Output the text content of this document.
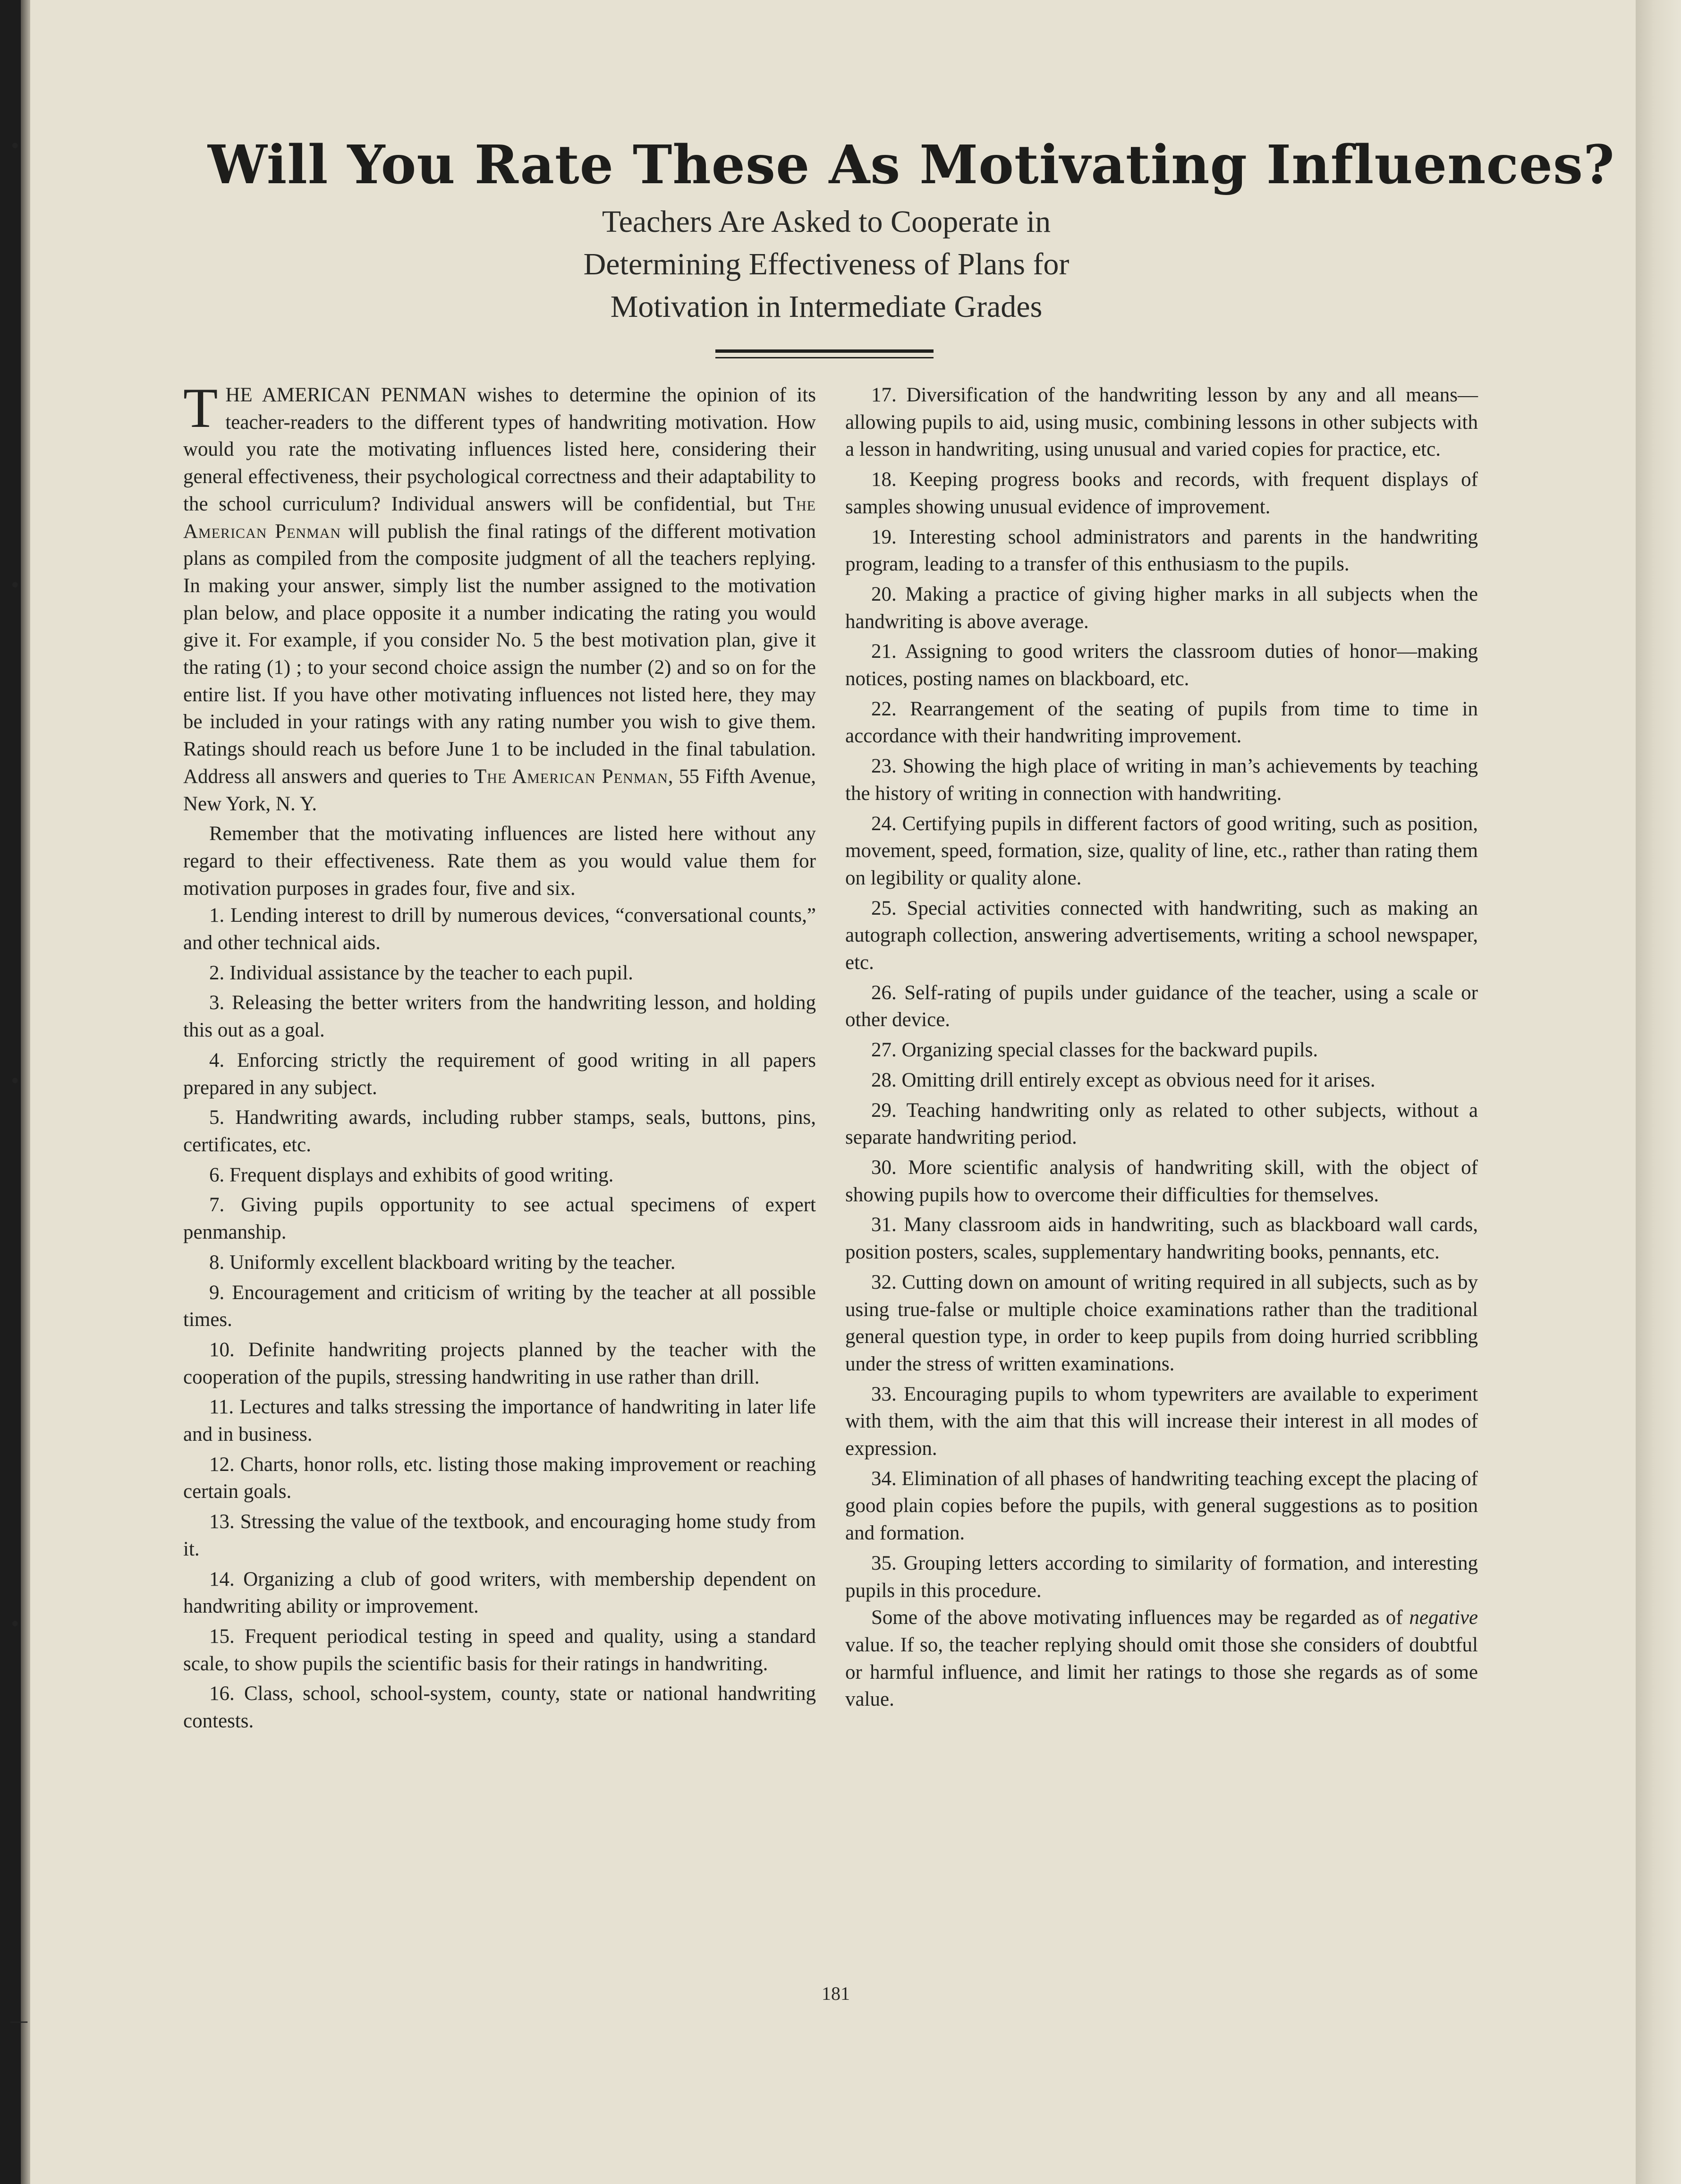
•
•
•
•
—
Will You Rate These As Motivating Influences?
Teachers Are Asked to Cooperate in
Determining Effectiveness of Plans for
Motivation in Intermediate Grades

THE AMERICAN PENMAN wishes to determine the opinion of its teacher-readers to the different types of handwriting motivation. How would you rate the motivating influences listed here, considering their general effectiveness, their psychological correctness and their adaptability to the school curriculum? Individual answers will be confidential, but The American Penman will publish the final ratings of the different motivation plans as compiled from the composite judgment of all the teachers replying. In making your answer, simply list the number assigned to the motivation plan below, and place opposite it a number indicating the rating you would give it. For example, if you consider No. 5 the best motivation plan, give it the rating (1) ; to your second choice assign the number (2) and so on for the entire list. If you have other motivating influences not listed here, they may be included in your ratings with any rating number you wish to give them. Ratings should reach us before June 1 to be included in the final tabulation. Address all answers and queries to The American Penman, 55 Fifth Avenue, New York, N. Y.

Remember that the motivating influences are listed here without any regard to their effectiveness. Rate them as you would value them for motivation purposes in grades four, five and six.

1. Lending interest to drill by numerous devices, “conversational counts,” and other technical aids.

2. Individual assistance by the teacher to each pupil.

3. Releasing the better writers from the handwriting lesson, and holding this out as a goal.

4. Enforcing strictly the requirement of good writing in all papers prepared in any subject.

5. Handwriting awards, including rubber stamps, seals, buttons, pins, certificates, etc.

6. Frequent displays and exhibits of good writing.

7. Giving pupils opportunity to see actual specimens of expert penmanship.

8. Uniformly excellent blackboard writing by the teacher.

9. Encouragement and criticism of writing by the teacher at all possible times.

10. Definite handwriting projects planned by the teacher with the cooperation of the pupils, stressing handwriting in use rather than drill.

11. Lectures and talks stressing the importance of handwriting in later life and in business.

12. Charts, honor rolls, etc. listing those making improvement or reaching certain goals.

13. Stressing the value of the textbook, and encouraging home study from it.

14. Organizing a club of good writers, with membership dependent on handwriting ability or improvement.

15. Frequent periodical testing in speed and quality, using a standard scale, to show pupils the scientific basis for their ratings in handwriting.

16. Class, school, school-system, county, state or national handwriting contests.

17. Diversification of the handwriting lesson by any and all means—allowing pupils to aid, using music, combining lessons in other subjects with a lesson in handwriting, using unusual and varied copies for practice, etc.

18. Keeping progress books and records, with frequent displays of samples showing unusual evidence of improvement.

19. Interesting school administrators and parents in the handwriting program, leading to a transfer of this enthusiasm to the pupils.

20. Making a practice of giving higher marks in all subjects when the handwriting is above average.

21. Assigning to good writers the classroom duties of honor—making notices, posting names on blackboard, etc.

22. Rearrangement of the seating of pupils from time to time in accordance with their handwriting improvement.

23. Showing the high place of writing in man’s achievements by teaching the history of writing in connection with handwriting.

24. Certifying pupils in different factors of good writing, such as position, movement, speed, formation, size, quality of line, etc., rather than rating them on legibility or quality alone.

25. Special activities connected with handwriting, such as making an autograph collection, answering advertisements, writing a school newspaper, etc.

26. Self-rating of pupils under guidance of the teacher, using a scale or other device.

27. Organizing special classes for the backward pupils.

28. Omitting drill entirely except as obvious need for it arises.

29. Teaching handwriting only as related to other subjects, without a separate handwriting period.

30. More scientific analysis of handwriting skill, with the object of showing pupils how to overcome their difficulties for themselves.

31. Many classroom aids in handwriting, such as blackboard wall cards, position posters, scales, supplementary handwriting books, pennants, etc.

32. Cutting down on amount of writing required in all subjects, such as by using true-false or multiple choice examinations rather than the traditional general question type, in order to keep pupils from doing hurried scribbling under the stress of written examinations.

33. Encouraging pupils to whom typewriters are available to experiment with them, with the aim that this will increase their interest in all modes of expression.

34. Elimination of all phases of handwriting teaching except the placing of good plain copies before the pupils, with general suggestions as to position and formation.

35. Grouping letters according to similarity of formation, and interesting pupils in this procedure.

Some of the above motivating influences may be regarded as of negative value. If so, the teacher replying should omit those she considers of doubtful or harmful influence, and limit her ratings to those she regards as of some value.

181
